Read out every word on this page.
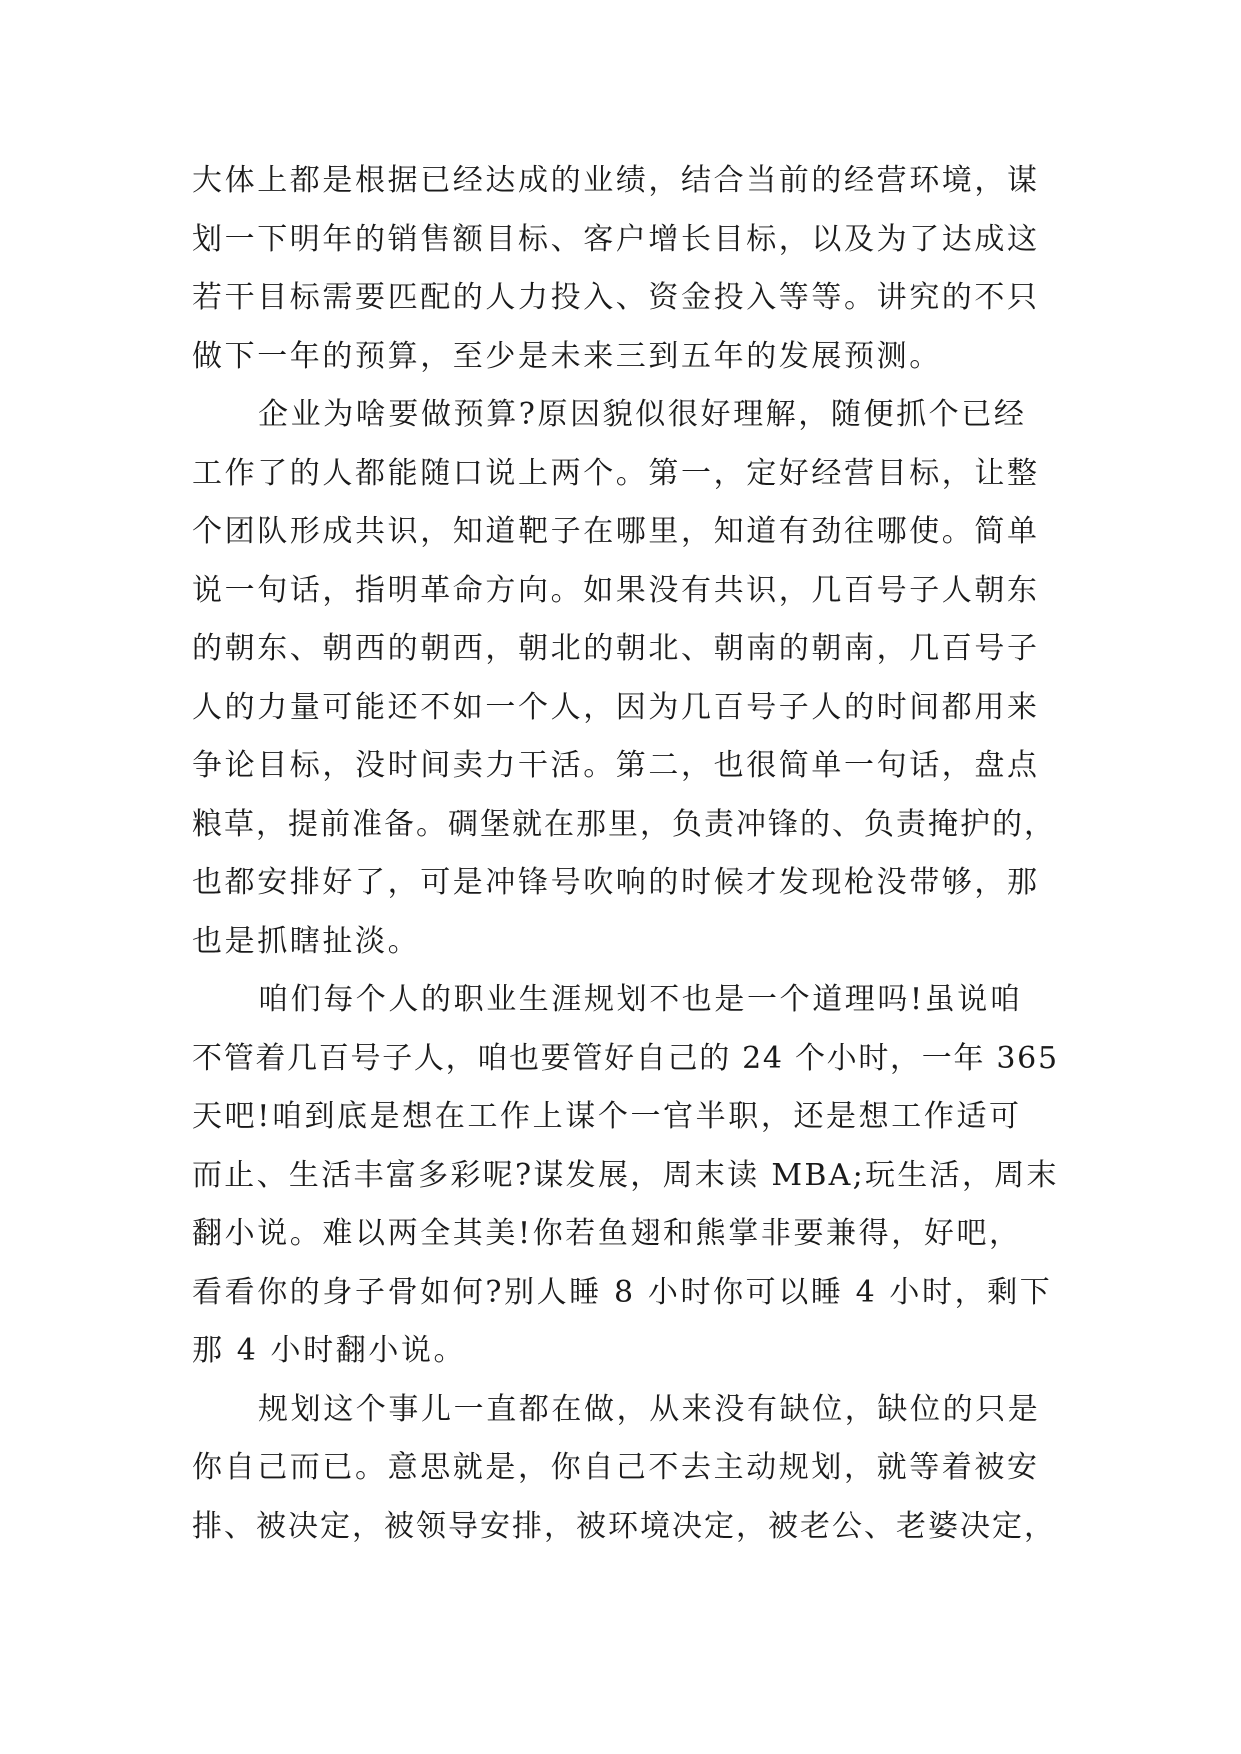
大体上都是根据已经达成的业绩，结合当前的经营环境，谋
划一下明年的销售额目标、客户增长目标，以及为了达成这
若干目标需要匹配的人力投入、资金投入等等。讲究的不只
做下一年的预算，至少是未来三到五年的发展预测。
企业为啥要做预算?原因貌似很好理解，随便抓个已经
工作了的人都能随口说上两个。第一，定好经营目标，让整
个团队形成共识，知道靶子在哪里，知道有劲往哪使。简单
说一句话，指明革命方向。如果没有共识，几百号子人朝东
的朝东、朝西的朝西，朝北的朝北、朝南的朝南，几百号子
人的力量可能还不如一个人，因为几百号子人的时间都用来
争论目标，没时间卖力干活。第二，也很简单一句话，盘点
粮草，提前准备。碉堡就在那里，负责冲锋的、负责掩护的，
也都安排好了，可是冲锋号吹响的时候才发现枪没带够，那
也是抓瞎扯淡。
咱们每个人的职业生涯规划不也是一个道理吗!虽说咱
不管着几百号子人，咱也要管好自己的 24 个小时，一年 365
天吧!咱到底是想在工作上谋个一官半职，还是想工作适可
而止、生活丰富多彩呢?谋发展，周末读 MBA;玩生活，周末
翻小说。难以两全其美!你若鱼翅和熊掌非要兼得，好吧，
看看你的身子骨如何?别人睡 8 小时你可以睡 4 小时，剩下
那 4 小时翻小说。
规划这个事儿一直都在做，从来没有缺位，缺位的只是
你自己而已。意思就是，你自己不去主动规划，就等着被安
排、被决定，被领导安排，被环境决定，被老公、老婆决定，
